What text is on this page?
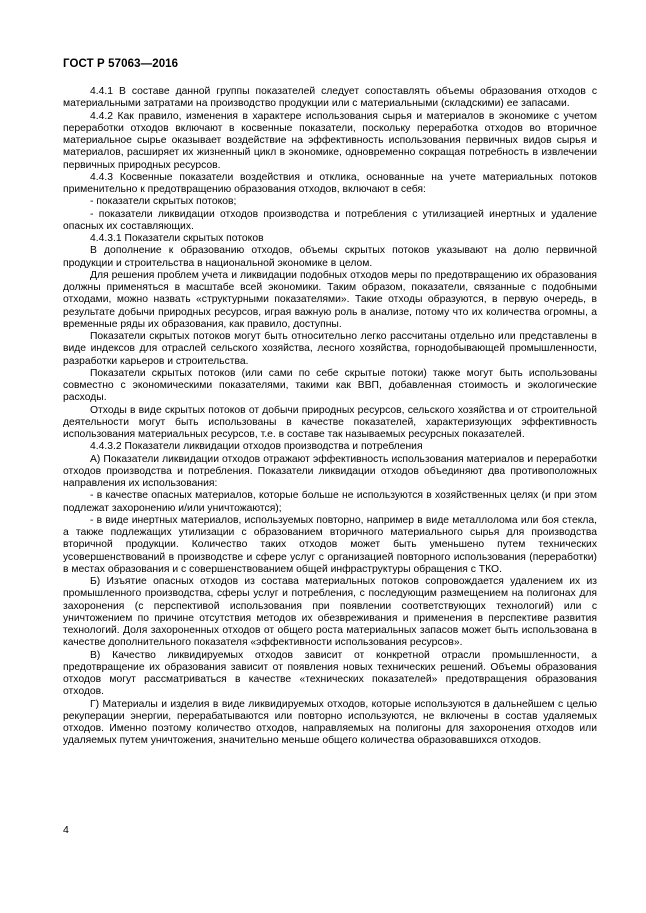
ГОСТ Р 57063—2016

4.4.1 В составе данной группы показателей следует сопоставлять объемы образования отходов с материальными затратами на производство продукции или с материальными (складскими) ее запасами.

4.4.2 Как правило, изменения в характере использования сырья и материалов в экономике с учетом переработки отходов включают в косвенные показатели, поскольку переработка отходов во вторичное материальное сырье оказывает воздействие на эффективность использования первичных видов сырья и материалов, расширяет их жизненный цикл в экономике, одновременно сокращая потребность в извлечении первичных природных ресурсов.

4.4.3 Косвенные показатели воздействия и отклика, основанные на учете материальных потоков применительно к предотвращению образования отходов, включают в себя:

- показатели скрытых потоков;

- показатели ликвидации отходов производства и потребления с утилизацией инертных и удаление опасных их составляющих.

4.4.3.1 Показатели скрытых потоков

В дополнение к образованию отходов, объемы скрытых потоков указывают на долю первичной продукции и строительства в национальной экономике в целом.

Для решения проблем учета и ликвидации подобных отходов меры по предотвращению их образования должны применяться в масштабе всей экономики. Таким образом, показатели, связанные с подобными отходами, можно назвать «структурными показателями». Такие отходы образуются, в первую очередь, в результате добычи природных ресурсов, играя важную роль в анализе, потому что их количества огромны, а временные ряды их образования, как правило, доступны.

Показатели скрытых потоков могут быть относительно легко рассчитаны отдельно или представлены в виде индексов для отраслей сельского хозяйства, лесного хозяйства, горнодобывающей промышленности, разработки карьеров и строительства.

Показатели скрытых потоков (или сами по себе скрытые потоки) также могут быть использованы совместно с экономическими показателями, такими как ВВП, добавленная стоимость и экологические расходы.

Отходы в виде скрытых потоков от добычи природных ресурсов, сельского хозяйства и от строительной деятельности могут быть использованы в качестве показателей, характеризующих эффективность использования материальных ресурсов, т.е. в составе так называемых ресурсных показателей.

4.4.3.2 Показатели ликвидации отходов производства и потребления

А) Показатели ликвидации отходов отражают эффективность использования материалов и переработки отходов производства и потребления. Показатели ликвидации отходов объединяют два противоположных направления их использования:

- в качестве опасных материалов, которые больше не используются в хозяйственных целях (и при этом подлежат захоронению и/или уничтожаются);

- в виде инертных материалов, используемых повторно, например в виде металлолома или боя стекла, а также подлежащих утилизации с образованием вторичного материального сырья для производства вторичной продукции. Количество таких отходов может быть уменьшено путем технических усовершенствований в производстве и сфере услуг с организацией повторного использования (переработки) в местах образования и с совершенствованием общей инфраструктуры обращения с ТКО.

Б) Изъятие опасных отходов из состава материальных потоков сопровождается удалением их из промышленного производства, сферы услуг и потребления, с последующим размещением на полигонах для захоронения (с перспективой использования при появлении соответствующих технологий) или с уничтожением по причине отсутствия методов их обезвреживания и применения в перспективе развития технологий. Доля захороненных отходов от общего роста материальных запасов может быть использована в качестве дополнительного показателя «эффективности использования ресурсов».

В) Качество ликвидируемых отходов зависит от конкретной отрасли промышленности, а предотвращение их образования зависит от появления новых технических решений. Объемы образования отходов могут рассматриваться в качестве «технических показателей» предотвращения образования отходов.

Г) Материалы и изделия в виде ликвидируемых отходов, которые используются в дальнейшем с целью рекуперации энергии, перерабатываются или повторно используются, не включены в состав удаляемых отходов. Именно поэтому количество отходов, направляемых на полигоны для захоронения отходов или удаляемых путем уничтожения, значительно меньше общего количества образовавшихся отходов.

4
